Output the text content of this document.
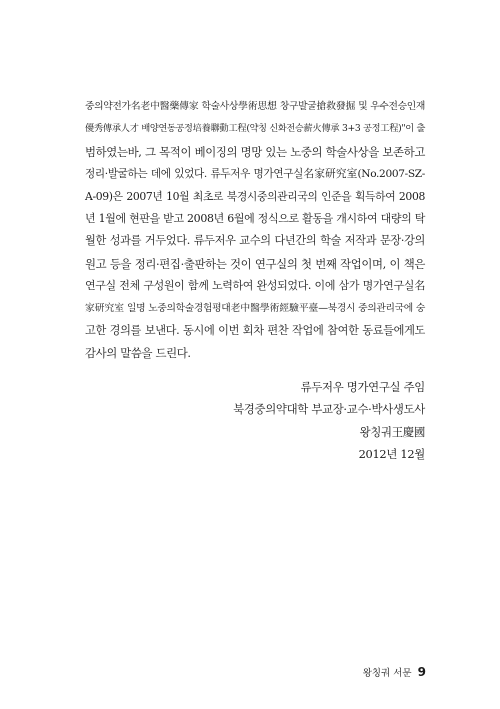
중의약전가名老中醫藥傳家 학술사상學術思想 창구발굴搶救發掘 및 우수전승인재
優秀傳承人才 배양연동공정培養聯動工程(약칭 신화전승薪火傳承 3+3 공정工程)"이 출
범하였는바, 그 목적이 베이징의 명망 있는 노중의 학술사상을 보존하고
정리·발굴하는 데에 있었다. 류두저우 명가연구실名家研究室(No.2007-SZ-
A-09)은 2007년 10월 최초로 북경시중의관리국의 인준을 획득하여 2008
년 1월에 현판을 받고 2008년 6월에 정식으로 활동을 개시하여 대량의 탁
월한 성과를 거두었다. 류두저우 교수의 다년간의 학술 저작과 문장·강의
원고 등을 정리·편집·출판하는 것이 연구실의 첫 번째 작업이며, 이 책은
연구실 전체 구성원이 함께 노력하여 완성되었다. 이에 삼가 명가연구실名
家研究室 일명 노중의학술경험평대老中醫學術經驗平臺—북경시 중의관리국에 숭
고한 경의를 보낸다. 동시에 이번 회차 편찬 작업에 참여한 동료들에게도
감사의 말씀을 드린다.
류두저우 명가연구실 주임
북경중의약대학 부교장·교수·박사생도사
왕칭궈王慶國
2012년 12월
왕칭궈 서문 9
